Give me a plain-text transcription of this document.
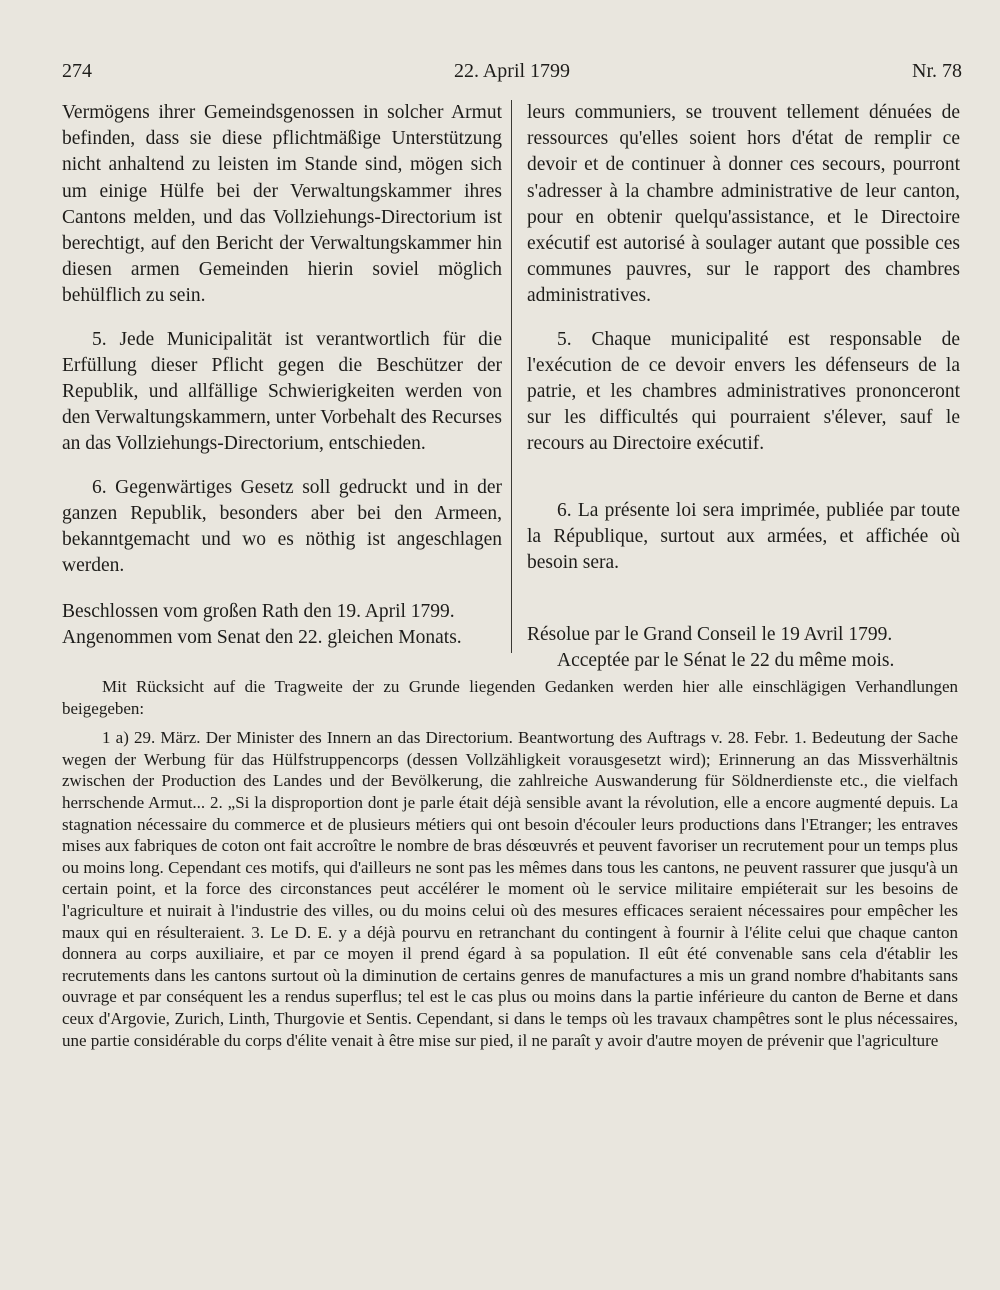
274	22. April 1799	Nr. 78

Vermögens ihrer Gemeindsgenossen in solcher Armut befinden, dass sie diese pflichtmäßige Unterstützung nicht anhaltend zu leisten im Stande sind, mögen sich um einige Hülfe bei der Verwaltungskammer ihres Cantons melden, und das Vollziehungs-Directorium ist berechtigt, auf den Bericht der Verwaltungskammer hin diesen armen Gemeinden hierin soviel möglich behülflich zu sein.

5. Jede Municipalität ist verantwortlich für die Erfüllung dieser Pflicht gegen die Beschützer der Republik, und allfällige Schwierigkeiten werden von den Verwaltungskammern, unter Vorbehalt des Recurses an das Vollziehungs-Directorium, entschieden.

6. Gegenwärtiges Gesetz soll gedruckt und in der ganzen Republik, besonders aber bei den Armeen, bekanntgemacht und wo es nöthig ist angeschlagen werden.

Beschlossen vom großen Rath den 19. April 1799.

Angenommen vom Senat den 22. gleichen Monats.

leurs communiers, se trouvent tellement dénuées de ressources qu'elles soient hors d'état de remplir ce devoir et de continuer à donner ces secours, pourront s'adresser à la chambre administrative de leur canton, pour en obtenir quelqu'assistance, et le Directoire exécutif est autorisé à soulager autant que possible ces communes pauvres, sur le rapport des chambres administratives.

5. Chaque municipalité est responsable de l'exécution de ce devoir envers les défenseurs de la patrie, et les chambres administratives prononceront sur les difficultés qui pourraient s'élever, sauf le recours au Directoire exécutif.

6. La présente loi sera imprimée, publiée par toute la République, surtout aux armées, et affichée où besoin sera.

Résolue par le Grand Conseil le 19 Avril 1799.

Acceptée par le Sénat le 22 du même mois.

Mit Rücksicht auf die Tragweite der zu Grunde liegenden Gedanken werden hier alle einschlägigen Verhandlungen beigegeben:

1 a) 29. März. Der Minister des Innern an das Directorium. Beantwortung des Auftrags v. 28. Febr. 1. Bedeutung der Sache wegen der Werbung für das Hülfstruppencorps (dessen Vollzähligkeit vorausgesetzt wird); Erinnerung an das Missverhältnis zwischen der Production des Landes und der Bevölkerung, die zahlreiche Auswanderung für Söldnerdienste etc., die vielfach herrschende Armut... 2. „Si la disproportion dont je parle était déjà sensible avant la révolution, elle a encore augmenté depuis. La stagnation nécessaire du commerce et de plusieurs métiers qui ont besoin d'écouler leurs productions dans l'Etranger; les entraves mises aux fabriques de coton ont fait accroître le nombre de bras désœuvrés et peuvent favoriser un recrutement pour un temps plus ou moins long. Cependant ces motifs, qui d'ailleurs ne sont pas les mêmes dans tous les cantons, ne peuvent rassurer que jusqu'à un certain point, et la force des circonstances peut accélérer le moment où le service militaire empiéterait sur les besoins de l'agriculture et nuirait à l'industrie des villes, ou du moins celui où des mesures efficaces seraient nécessaires pour empêcher les maux qui en résulteraient. 3. Le D. E. y a déjà pourvu en retranchant du contingent à fournir à l'élite celui que chaque canton donnera au corps auxiliaire, et par ce moyen il prend égard à sa population. Il eût été convenable sans cela d'établir les recrutements dans les cantons surtout où la diminution de certains genres de manufactures a mis un grand nombre d'habitants sans ouvrage et par conséquent les a rendus superflus; tel est le cas plus ou moins dans la partie inférieure du canton de Berne et dans ceux d'Argovie, Zurich, Linth, Thurgovie et Sentis. Cependant, si dans le temps où les travaux champêtres sont le plus nécessaires, une partie considérable du corps d'élite venait à être mise sur pied, il ne paraît y avoir d'autre moyen de prévenir que l'agriculture
